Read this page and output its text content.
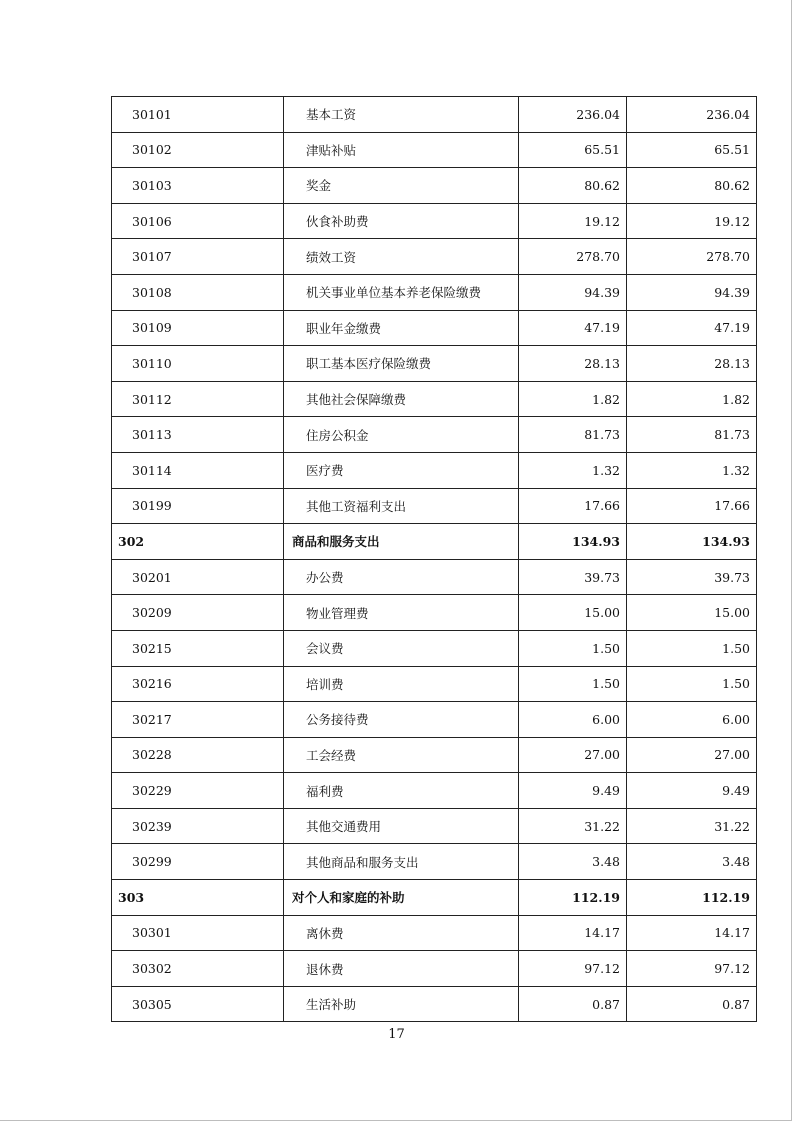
30101	基本工资	236.04	236.04
30102	津贴补贴	65.51	65.51
30103	奖金	80.62	80.62
30106	伙食补助费	19.12	19.12
30107	绩效工资	278.70	278.70
30108	机关事业单位基本养老保险缴费	94.39	94.39
30109	职业年金缴费	47.19	47.19
30110	职工基本医疗保险缴费	28.13	28.13
30112	其他社会保障缴费	1.82	1.82
30113	住房公积金	81.73	81.73
30114	医疗费	1.32	1.32
30199	其他工资福利支出	17.66	17.66
302	商品和服务支出	134.93	134.93
30201	办公费	39.73	39.73
30209	物业管理费	15.00	15.00
30215	会议费	1.50	1.50
30216	培训费	1.50	1.50
30217	公务接待费	6.00	6.00
30228	工会经费	27.00	27.00
30229	福利费	9.49	9.49
30239	其他交通费用	31.22	31.22
30299	其他商品和服务支出	3.48	3.48
303	对个人和家庭的补助	112.19	112.19
30301	离休费	14.17	14.17
30302	退休费	97.12	97.12
30305	生活补助	0.87	0.87
17
